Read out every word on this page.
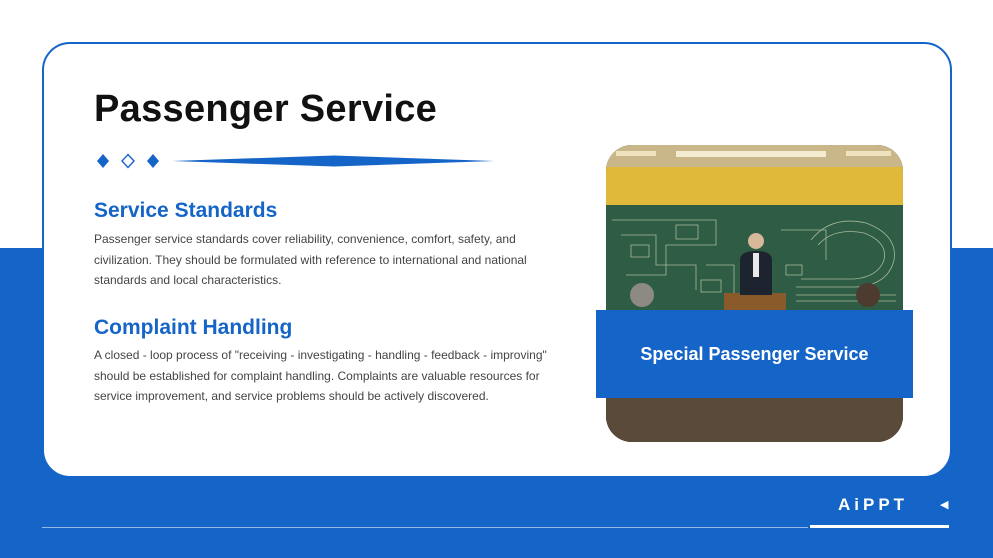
Passenger Service
Service Standards

Passenger service standards cover reliability, convenience, comfort, safety, and civilization. They should be formulated with reference to international and national standards and local characteristics.

Complaint Handling

A closed - loop process of "receiving - investigating - handling - feedback - improving" should be established for complaint handling. Complaints are valuable resources for service improvement, and service problems should be actively discovered.

Special Passenger Service
AiPPT	◀
